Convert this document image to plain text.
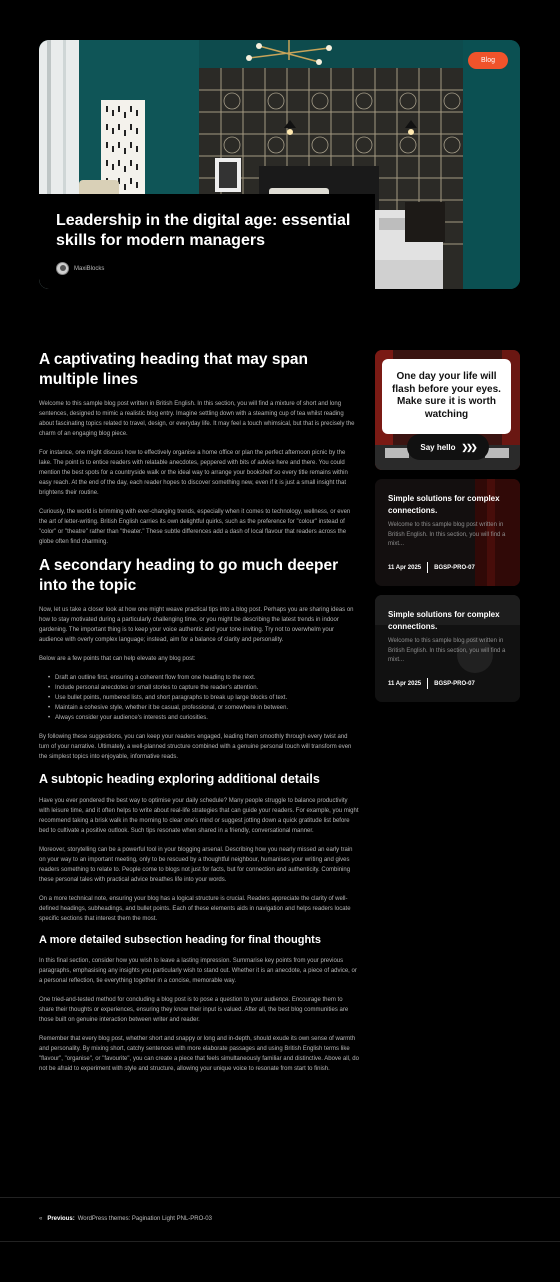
Blog
Leadership in the digital age: essential skills for modern managers
MaxiBlocks
A captivating heading that may span multiple lines

Welcome to this sample blog post written in British English. In this section, you will find a mixture of short and long sentences, designed to mimic a realistic blog entry. Imagine settling down with a steaming cup of tea whilst reading about fascinating topics related to travel, design, or everyday life. It may feel a touch whimsical, but that is precisely the charm of an engaging blog piece.

For instance, one might discuss how to effectively organise a home office or plan the perfect afternoon picnic by the lake. The point is to entice readers with relatable anecdotes, peppered with bits of advice here and there. You could mention the best spots for a countryside walk or the ideal way to arrange your bookshelf so every title remains within easy reach. At the end of the day, each reader hopes to discover something new, even if it is just a small insight that brightens their routine.

Curiously, the world is brimming with ever-changing trends, especially when it comes to technology, wellness, or even the art of letter-writing. British English carries its own delightful quirks, such as the preference for "colour" instead of "color" or "theatre" rather than "theater." These subtle differences add a dash of local flavour that readers across the globe often find charming.

A secondary heading to go much deeper into the topic

Now, let us take a closer look at how one might weave practical tips into a blog post. Perhaps you are sharing ideas on how to stay motivated during a particularly challenging time, or you might be describing the latest trends in indoor gardening. The important thing is to keep your voice authentic and your tone inviting. Try not to overwhelm your audience with overly complex language; instead, aim for a balance of clarity and personality.

Below are a few points that can help elevate any blog post:

• Draft an outline first, ensuring a coherent flow from one heading to the next.
• Include personal anecdotes or small stories to capture the reader's attention.
• Use bullet points, numbered lists, and short paragraphs to break up large blocks of text.
• Maintain a cohesive style, whether it be casual, professional, or somewhere in between.
• Always consider your audience's interests and curiosities.

By following these suggestions, you can keep your readers engaged, leading them smoothly through every twist and turn of your narrative. Ultimately, a well-planned structure combined with a genuine personal touch will transform even the simplest topics into enjoyable, informative reads.

A subtopic heading exploring additional details

Have you ever pondered the best way to optimise your daily schedule? Many people struggle to balance productivity with leisure time, and it often helps to write about real-life strategies that can guide your readers. For example, you might recommend taking a brisk walk in the morning to clear one's mind or suggest jotting down a quick gratitude list before bed to cultivate a positive outlook. Such tips resonate when shared in a friendly, conversational manner.

Moreover, storytelling can be a powerful tool in your blogging arsenal. Describing how you nearly missed an early train on your way to an important meeting, only to be rescued by a thoughtful neighbour, humanises your writing and gives readers something to relate to. People come to blogs not just for facts, but for connection and authenticity. Combining these personal tales with practical advice breathes life into your words.

On a more technical note, ensuring your blog has a logical structure is crucial. Readers appreciate the clarity of well-defined headings, subheadings, and bullet points. Each of these elements aids in navigation and helps readers locate specific sections that interest them the most.

A more detailed subsection heading for final thoughts

In this final section, consider how you wish to leave a lasting impression. Summarise key points from your previous paragraphs, emphasising any insights you particularly wish to stand out. Whether it is an anecdote, a piece of advice, or a personal reflection, tie everything together in a concise, memorable way.

One tried-and-tested method for concluding a blog post is to pose a question to your audience. Encourage them to share their thoughts or experiences, ensuring they know their input is valued. After all, the best blog communities are those built on genuine interaction between writer and reader.

Remember that every blog post, whether short and snappy or long and in-depth, should exude its own sense of warmth and personality. By mixing short, catchy sentences with more elaborate passages and using British English terms like "flavour", "organise", or "favourite", you can create a piece that feels simultaneously familiar and distinctive. Above all, do not be afraid to experiment with style and structure, allowing your unique voice to resonate from start to finish.

One day your life will flash before your eyes. Make sure it is worth watching
Say hello ❯❯❯
Simple solutions for complex connections.
Welcome to this sample blog post written in British English. In this section, you will find a mixt...
11 Apr 2025 BGSP-PRO-07
Simple solutions for complex connections.
Welcome to this sample blog post written in British English. In this section, you will find a mixt...
11 Apr 2025 BGSP-PRO-07
« Previous: WordPress themes: Pagination Light PNL-PRO-03
